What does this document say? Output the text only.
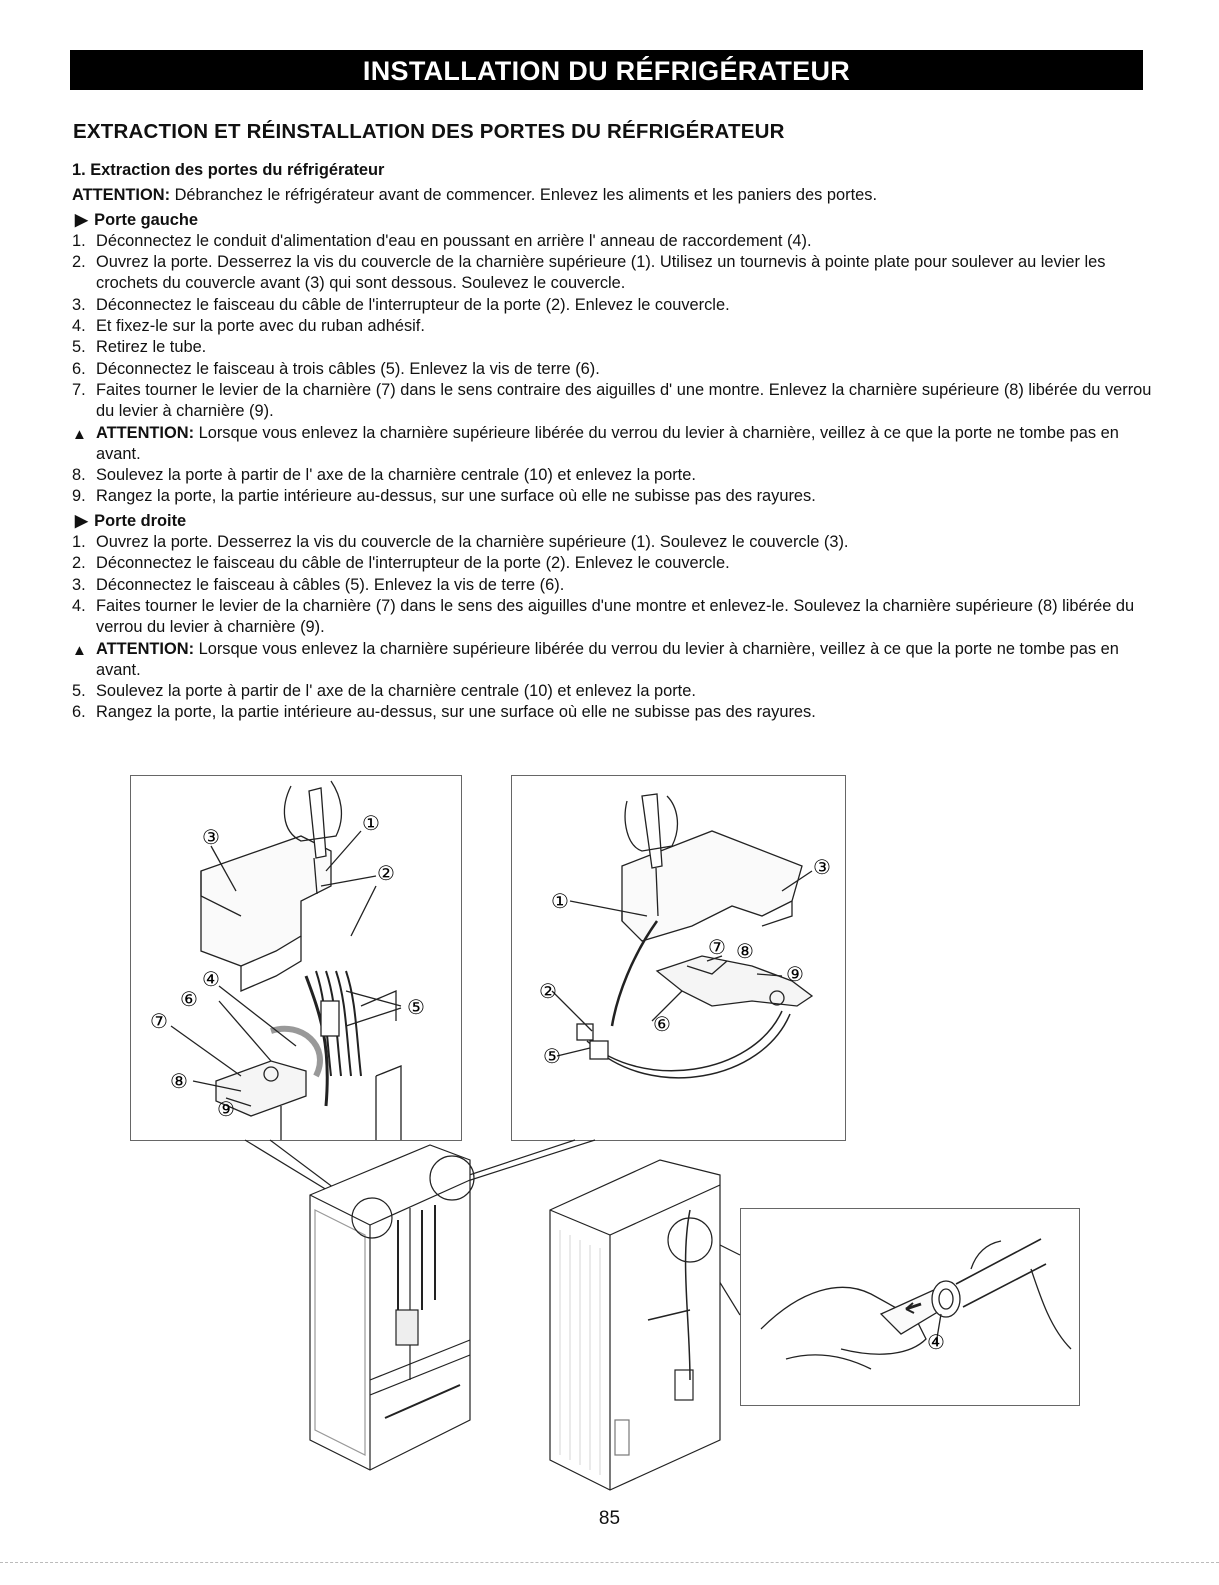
INSTALLATION DU RÉFRIGÉRATEUR
EXTRACTION ET RÉINSTALLATION DES PORTES DU RÉFRIGÉRATEUR

1. Extraction des portes du réfrigérateur

ATTENTION: Débranchez le réfrigérateur avant de commencer. Enlevez les aliments et les paniers des portes.

▶ Porte gauche

1. Déconnectez le conduit d'alimentation d'eau en poussant en arrière l' anneau de raccordement (4).
2. Ouvrez la porte. Desserrez la vis du couvercle de la charnière supérieure (1). Utilisez un tournevis à pointe plate pour soulever au levier les crochets du couvercle avant (3) qui sont dessous. Soulevez le couvercle.
3. Déconnectez le faisceau du câble de l'interrupteur de la porte (2). Enlevez le couvercle.
4. Et fixez-le sur la porte avec du ruban adhésif.
5. Retirez le tube.
6. Déconnectez le faisceau à trois câbles (5). Enlevez la vis de terre (6).
7. Faites tourner le levier de la charnière (7) dans le sens contraire des aiguilles d' une montre. Enlevez la charnière supérieure (8) libérée du verrou du levier à charnière (9).

▲ ATTENTION: Lorsque vous enlevez la charnière supérieure libérée du verrou du levier à charnière, veillez à ce que la porte ne tombe pas en avant.

8. Soulevez la porte à partir de l' axe de la charnière centrale (10) et enlevez la porte.
9. Rangez la porte, la partie intérieure au-dessus, sur une surface où elle ne subisse pas des rayures.

▶ Porte droite

1. Ouvrez la porte. Desserrez la vis du couvercle de la charnière supérieure (1). Soulevez le couvercle (3).
2. Déconnectez le faisceau du câble de l'interrupteur de la porte (2). Enlevez le couvercle.
3. Déconnectez le faisceau à câbles (5). Enlevez la vis de terre (6).
4. Faites tourner le levier de la charnière (7) dans le sens des aiguilles d'une montre et enlevez-le. Soulevez la charnière supérieure (8) libérée du verrou du levier à charnière (9).

▲ ATTENTION: Lorsque vous enlevez la charnière supérieure libérée du verrou du levier à charnière, veillez à ce que la porte ne tombe pas en avant.

5. Soulevez la porte à partir de l' axe de la charnière centrale (10) et enlevez la porte.
6. Rangez la porte, la partie intérieure au-dessus, sur une surface où elle ne subisse pas des rayures.
③
①
②
④
⑥
⑦
⑧
⑨
⑤
①
③
⑦ ⑧
⑨
②
⑥
⑤
④
85
